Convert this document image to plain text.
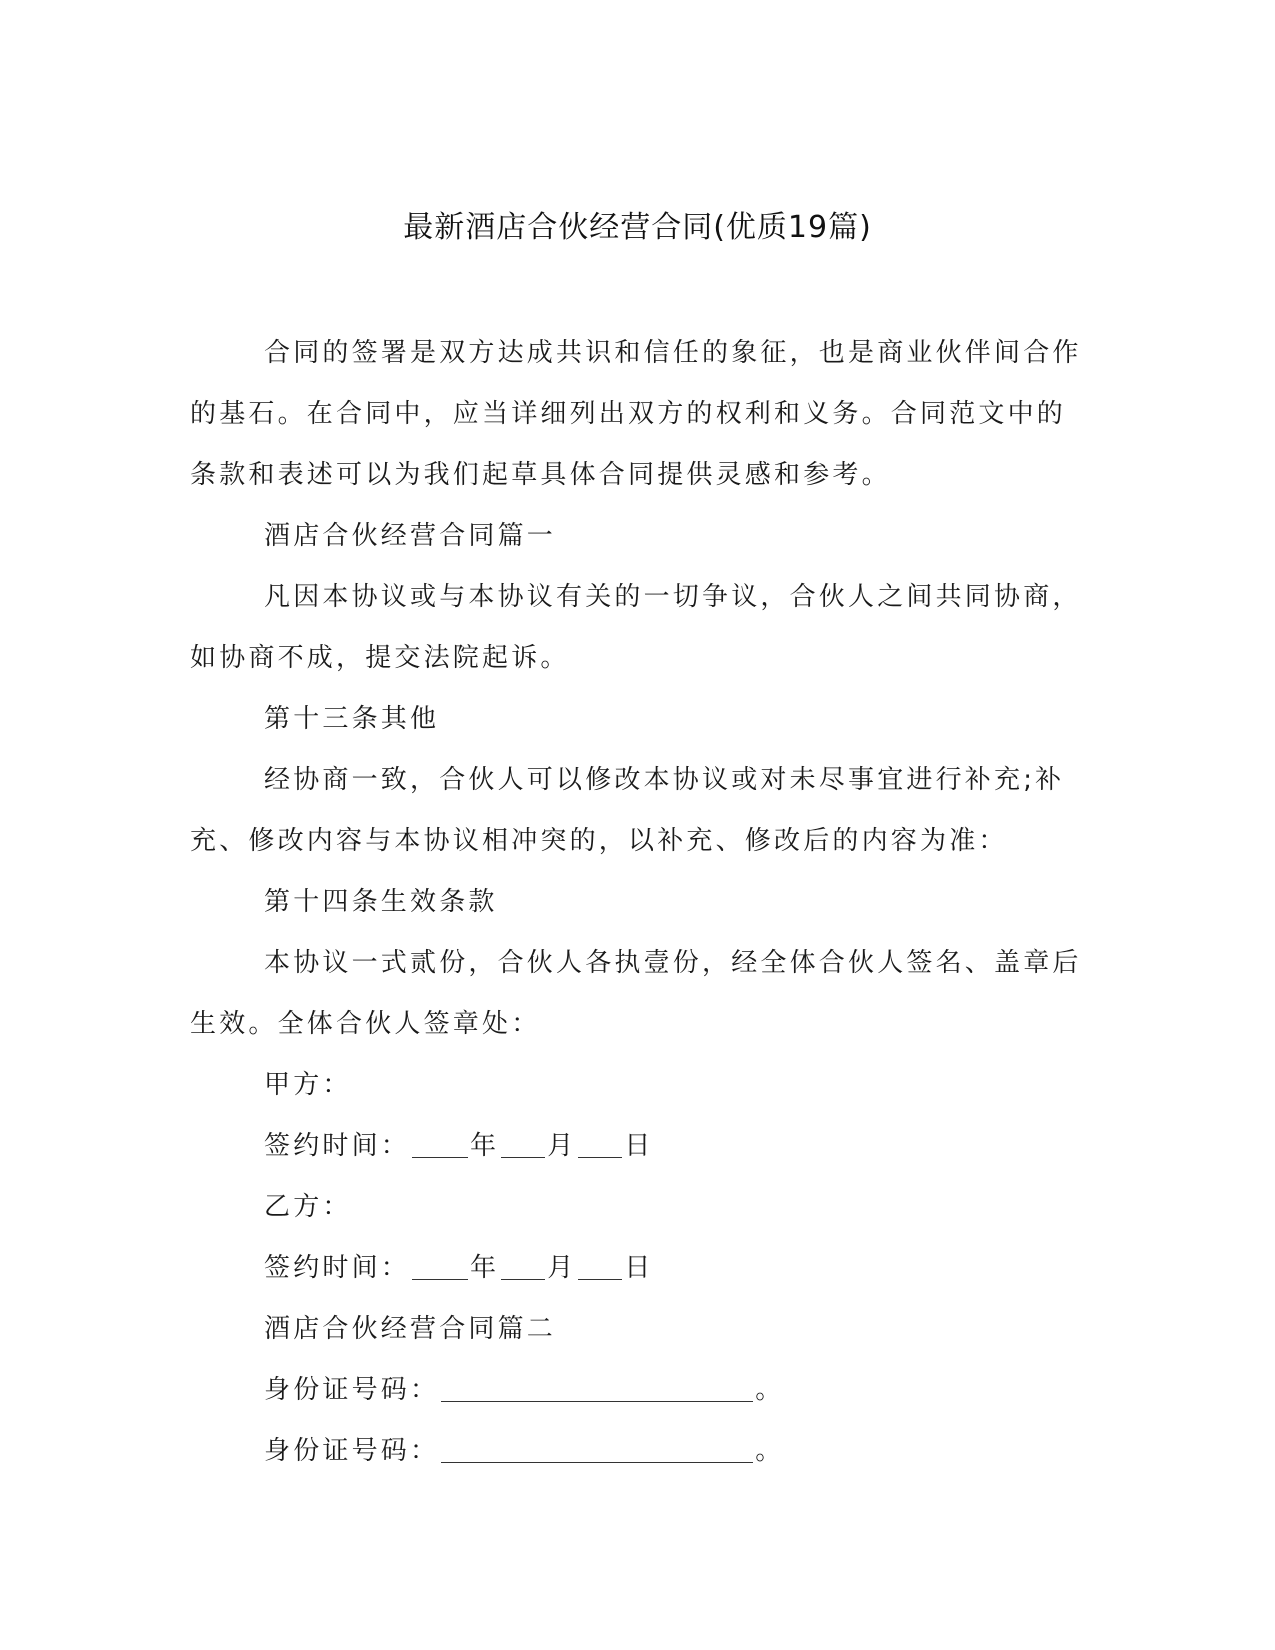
最新酒店合伙经营合同(优质19篇)

合同的签署是双方达成共识和信任的象征，也是商业伙伴间合作的基石。在合同中，应当详细列出双方的权利和义务。合同范文中的条款和表述可以为我们起草具体合同提供灵感和参考。

酒店合伙经营合同篇一

凡因本协议或与本协议有关的一切争议，合伙人之间共同协商，如协商不成，提交法院起诉。

第十三条其他

经协商一致，合伙人可以修改本协议或对未尽事宜进行补充;补充、修改内容与本协议相冲突的，以补充、修改后的内容为准：

第十四条生效条款

本协议一式贰份，合伙人各执壹份，经全体合伙人签名、盖章后生效。全体合伙人签章处：

甲方：

签约时间： 年 月 日

乙方：

签约时间： 年 月 日

酒店合伙经营合同篇二

身份证号码：	。

身份证号码：	。
